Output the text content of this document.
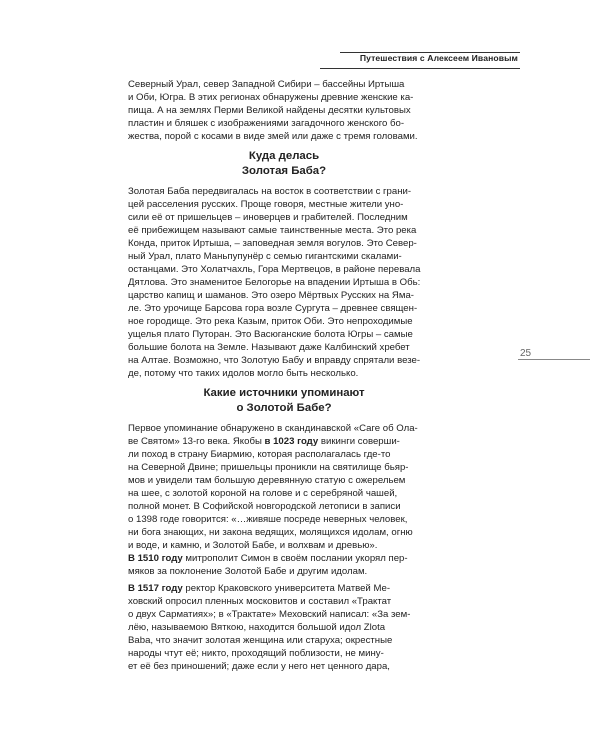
Путешествия с Алексеем Ивановым
25

Северный Урал, север Западной Сибири – бассейны Иртыша
и Оби, Югра. В этих регионах обнаружены древние женские ка-
пища. А на землях Перми Великой найдены десятки культовых
пластин и бляшек с изображениями загадочного женского бо-
жества, порой с косами в виде змей или даже с тремя головами.

Куда делась
Золотая Баба?

Золотая Баба передвигалась на восток в соответствии с грани-
цей расселения русских. Проще говоря, местные жители уно-
сили её от пришельцев – иноверцев и грабителей. Последним
её прибежищем называют самые таинственные места. Это река
Конда, приток Иртыша, – заповедная земля вогулов. Это Север-
ный Урал, плато Маньпупунёр с семью гигантскими скалами-
останцами. Это Холатчахль, Гора Мертвецов, в районе перевала
Дятлова. Это знаменитое Белогорье на впадении Иртыша в Обь:
царство капищ и шаманов. Это озеро Мёртвых Русских на Яма-
ле. Это урочище Барсова гора возле Сургута – древнее священ-
ное городище. Это река Казым, приток Оби. Это непроходимые
ущелья плато Путоран. Это Васюганские болота Югры – самые
большие болота на Земле. Называют даже Калбинский хребет
на Алтае. Возможно, что Золотую Бабу и вправду спрятали везе-
де, потому что таких идолов могло быть несколько.

Какие источники упоминают
о Золотой Бабе?

Первое упоминание обнаружено в скандинавской «Саге об Ола-
ве Святом» 13-го века. Якобы в 1023 году викинги соверши-
ли поход в страну Биармию, которая располагалась где-то
на Северной Двине; пришельцы проникли на святилище бьяр-
мов и увидели там большую деревянную статую с ожерельем
на шее, с золотой короной на голове и с серебряной чашей,
полной монет. В Софийской новгородской летописи в записи
о 1398 годе говорится: «…живяше посреде неверных человек,
ни бога знающих, ни закона ведящих, молящихся идолам, огню
и воде, и камню, и Золотой Бабе, и волхвам и древью».

В 1510 году митрополит Симон в своём послании укорял пер-
мяков за поклонение Золотой Бабе и другим идолам.

В 1517 году ректор Краковского университета Матвей Ме-
ховский опросил пленных московитов и составил «Трактат
о двух Сарматиях»; в «Трактате» Меховский написал: «За зем-
лёю, называемою Вяткою, находится большой идол Zlota
Baba, что значит золотая женщина или старуха; окрестные
народы чтут её; никто, проходящий поблизости, не мину-
ет её без приношений; даже если у него нет ценного дара,
